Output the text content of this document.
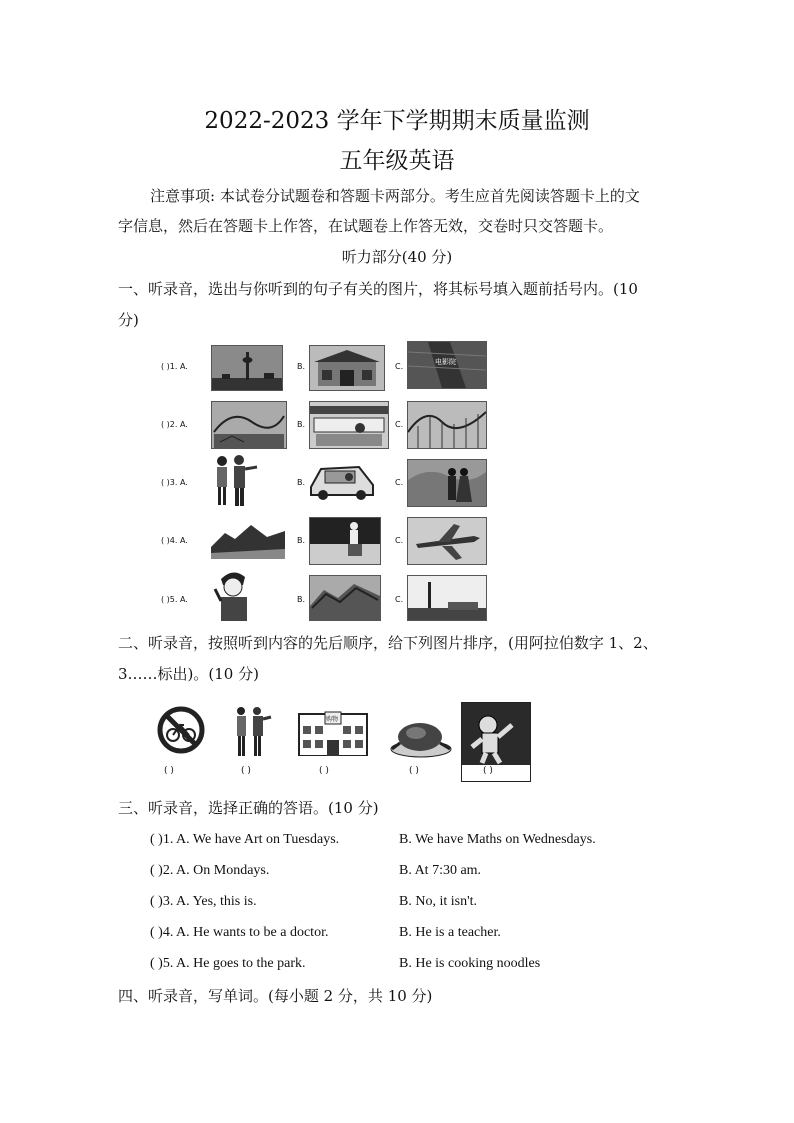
2022-2023 学年下学期期末质量监测
五年级英语
注意事项: 本试卷分试题卷和答题卡两部分。考生应首先阅读答题卡上的文
字信息，然后在答题卡上作答，在试题卷上作答无效，交卷时只交答题卡。
听力部分(40 分)
一、听录音，选出与你听到的句子有关的图片，将其标号填入题前括号内。(10
分)
( )1. A.	B.	C.	电影院
( )2. A.	B.	C.
( )3. A.	B.	C.
( )4. A.	B.	C.
( )5. A.	B.	C.
二、听录音，按照听到内容的先后顺序，给下列图片排序，(用阿拉伯数字 1、2、
3……标出)。(10 分)
( )	( )
购物
( )	( )	( )
三、听录音，选择正确的答语。(10 分)
( )1. A. We have Art on Tuesdays.	B. We have Maths on Wednesdays.
( )2. A. On Mondays.	B. At 7:30 am.
( )3. A. Yes, this is.	B. No, it isn't.
( )4. A. He wants to be a doctor.	B. He is a teacher.
( )5. A. He goes to the park.	B. He is cooking noodles
四、听录音，写单词。(每小题 2 分，共 10 分)
